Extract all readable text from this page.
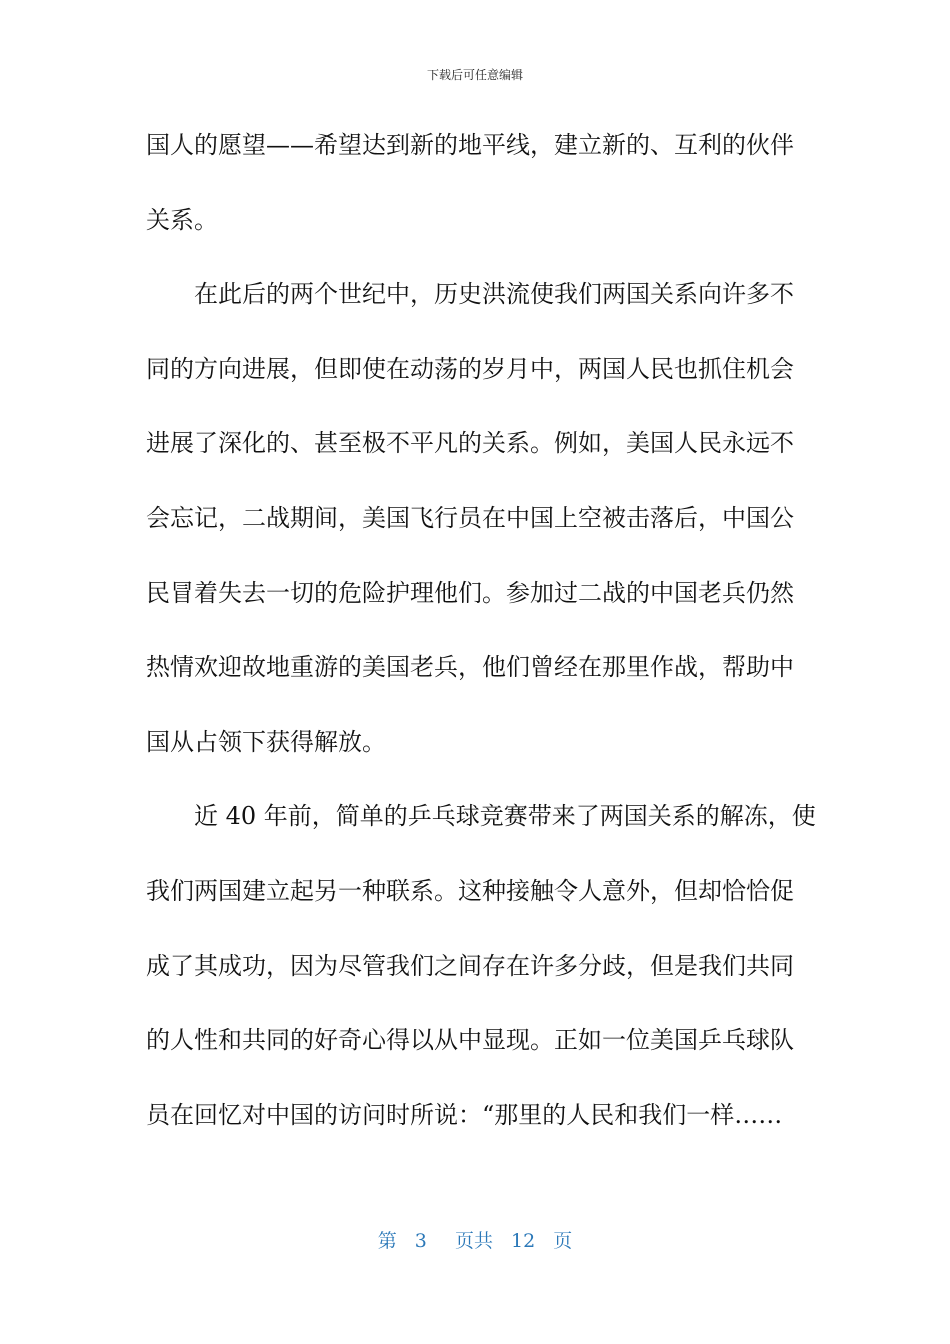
下载后可任意编辑
国人的愿望——希望达到新的地平线，建立新的、互利的伙伴
关系。
　　在此后的两个世纪中，历史洪流使我们两国关系向许多不
同的方向进展，但即使在动荡的岁月中，两国人民也抓住机会
进展了深化的、甚至极不平凡的关系。例如，美国人民永远不
会忘记，二战期间，美国飞行员在中国上空被击落后，中国公
民冒着失去一切的危险护理他们。参加过二战的中国老兵仍然
热情欢迎故地重游的美国老兵，他们曾经在那里作战，帮助中
国从占领下获得解放。
　　近 40 年前，简单的乒乓球竞赛带来了两国关系的解冻，使
我们两国建立起另一种联系。这种接触令人意外，但却恰恰促
成了其成功，因为尽管我们之间存在许多分歧，但是我们共同
的人性和共同的好奇心得以从中显现。正如一位美国乒乓球队
员在回忆对中国的访问时所说：“那里的人民和我们一样……
第 3 页共 12 页
